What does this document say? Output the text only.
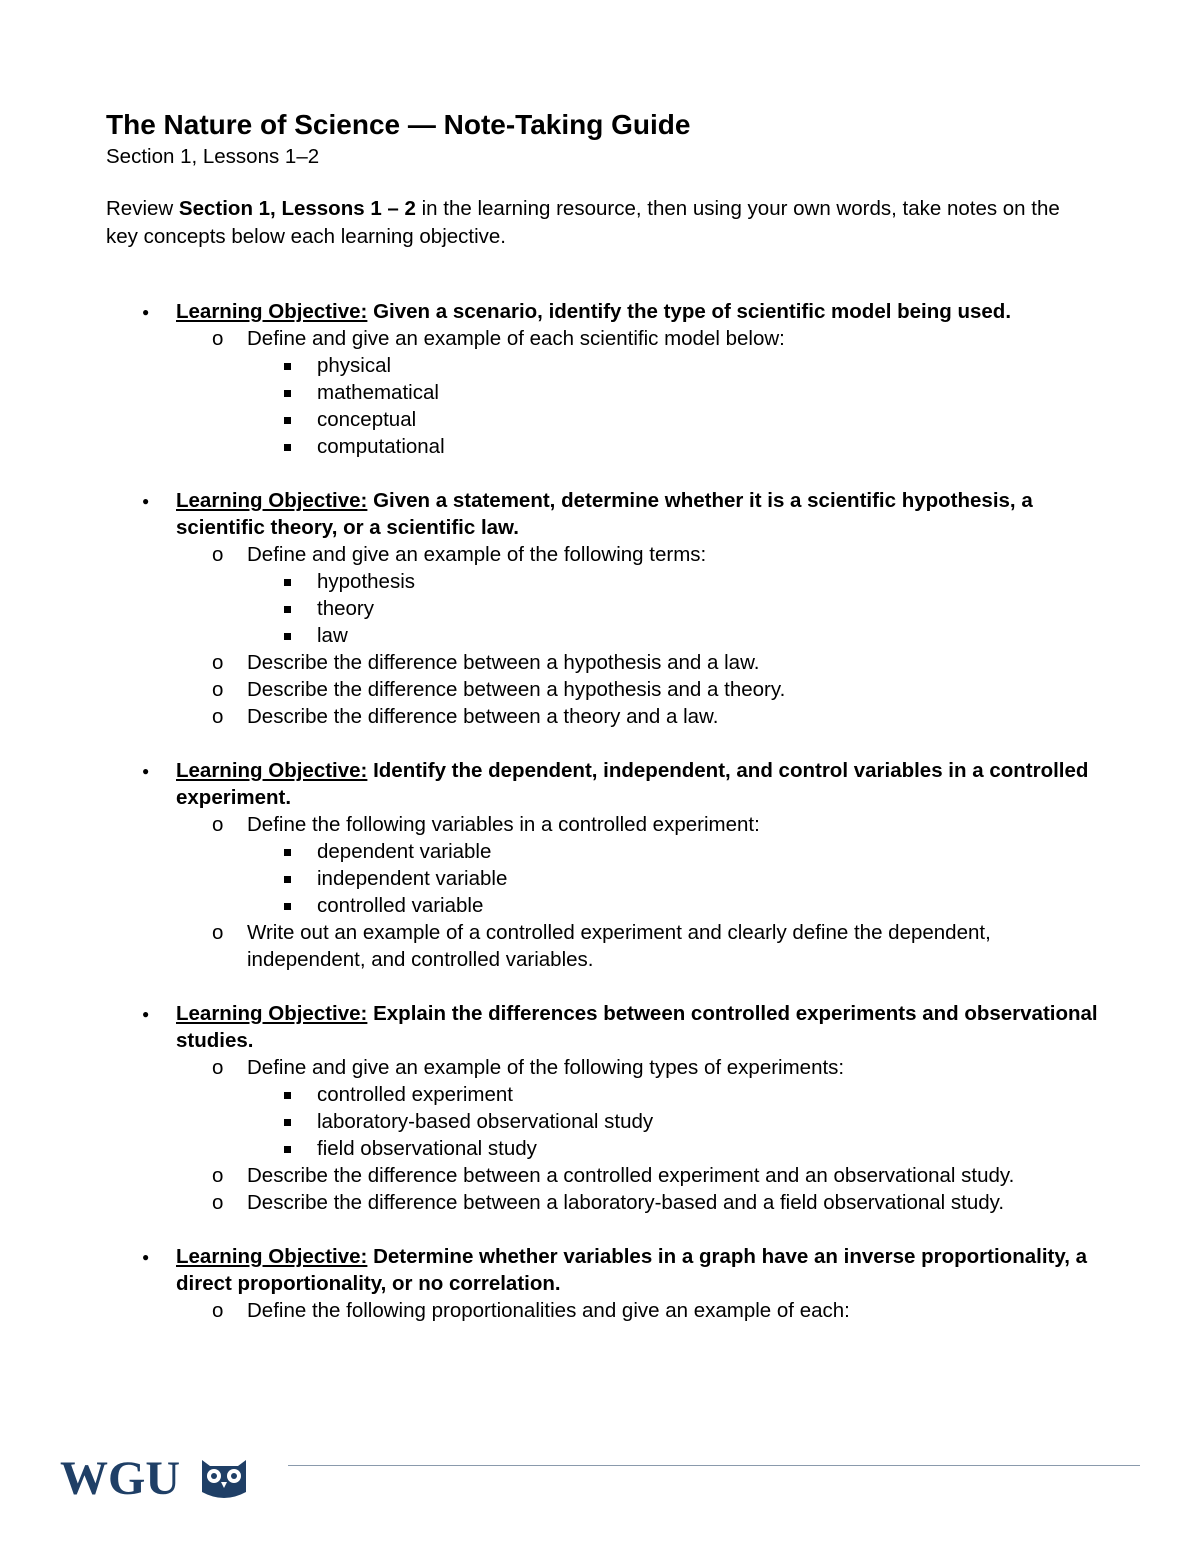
The Nature of Science — Note-Taking Guide

Section 1, Lessons 1–2

Review Section 1, Lessons 1 – 2 in the learning resource, then using your own words, take notes on the key concepts below each learning objective.

● Learning Objective: Given a scenario, identify the type of scientific model being used.

o Define and give an example of each scientific model below:
physical
mathematical
conceptual
computational
● Learning Objective: Given a statement, determine whether it is a scientific hypothesis, a scientific theory, or a scientific law.

o Define and give an example of the following terms:
hypothesis
theory
law
o Describe the difference between a hypothesis and a law.
o Describe the difference between a hypothesis and a theory.
o Describe the difference between a theory and a law.
● Learning Objective: Identify the dependent, independent, and control variables in a controlled experiment.

o Define the following variables in a controlled experiment:
dependent variable
independent variable
controlled variable
o Write out an example of a controlled experiment and clearly define the dependent, independent, and controlled variables.
● Learning Objective: Explain the differences between controlled experiments and observational studies.

o Define and give an example of the following types of experiments:
controlled experiment
laboratory-based observational study
field observational study
o Describe the difference between a controlled experiment and an observational study.
o Describe the difference between a laboratory-based and a field observational study.
● Learning Objective: Determine whether variables in a graph have an inverse proportionality, a direct proportionality, or no correlation.

o Define the following proportionalities and give an example of each:
WGU
